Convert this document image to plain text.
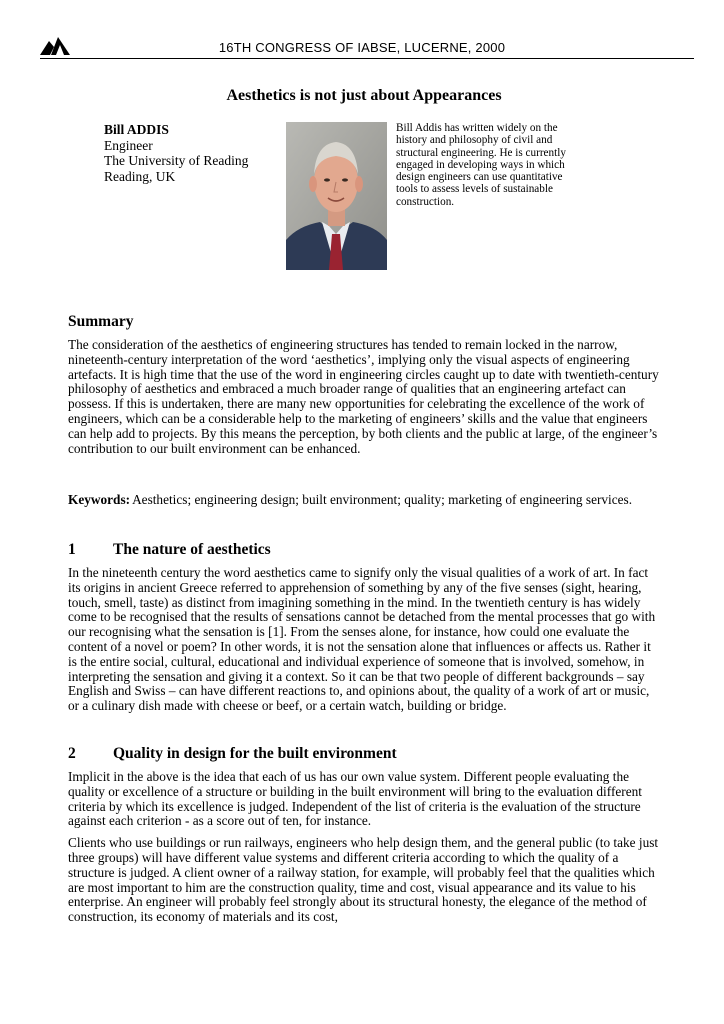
16TH CONGRESS OF IABSE, LUCERNE, 2000
Aesthetics is not just about Appearances
Bill ADDIS
Engineer
The University of Reading
Reading, UK
Bill Addis has written widely on the history and philosophy of civil and structural engineering. He is currently engaged in developing ways in which design engineers can use quantitative tools to assess levels of sustainable construction.
Summary

The consideration of the aesthetics of engineering structures has tended to remain locked in the narrow, nineteenth-century interpretation of the word ‘aesthetics’, implying only the visual aspects of engineering artefacts. It is high time that the use of the word in engineering circles caught up to date with twentieth-century philosophy of aesthetics and embraced a much broader range of qualities that an engineering artefact can possess. If this is undertaken, there are many new opportunities for celebrating the excellence of the work of engineers, which can be a considerable help to the marketing of engineers’ skills and the value that engineers can help add to projects. By this means the perception, by both clients and the public at large, of the engineer’s contribution to our built environment can be enhanced.

Keywords: Aesthetics; engineering design; built environment; quality; marketing of engineering services.
1 The nature of aesthetics

In the nineteenth century the word aesthetics came to signify only the visual qualities of a work of art. In fact its origins in ancient Greece referred to apprehension of something by any of the five senses (sight, hearing, touch, smell, taste) as distinct from imagining something in the mind. In the twentieth century is has widely come to be recognised that the results of sensations cannot be detached from the mental processes that go with our recognising what the sensation is [1]. From the senses alone, for instance, how could one evaluate the content of a novel or poem? In other words, it is not the sensation alone that influences or affects us. Rather it is the entire social, cultural, educational and individual experience of someone that is involved, somehow, in interpreting the sensation and giving it a context. So it can be that two people of different backgrounds – say English and Swiss – can have different reactions to, and opinions about, the quality of a work of art or music, or a culinary dish made with cheese or beef, or a certain watch, building or bridge.

2 Quality in design for the built environment

Implicit in the above is the idea that each of us has our own value system. Different people evaluating the quality or excellence of a structure or building in the built environment will bring to the evaluation different criteria by which its excellence is judged. Independent of the list of criteria is the evaluation of the structure against each criterion - as a score out of ten, for instance.

Clients who use buildings or run railways, engineers who help design them, and the general public (to take just three groups) will have different value systems and different criteria according to which the quality of a structure is judged. A client owner of a railway station, for example, will probably feel that the qualities which are most important to him are the construction quality, time and cost, visual appearance and its value to his enterprise. An engineer will probably feel strongly about its structural honesty, the elegance of the method of construction, its economy of materials and its cost,
